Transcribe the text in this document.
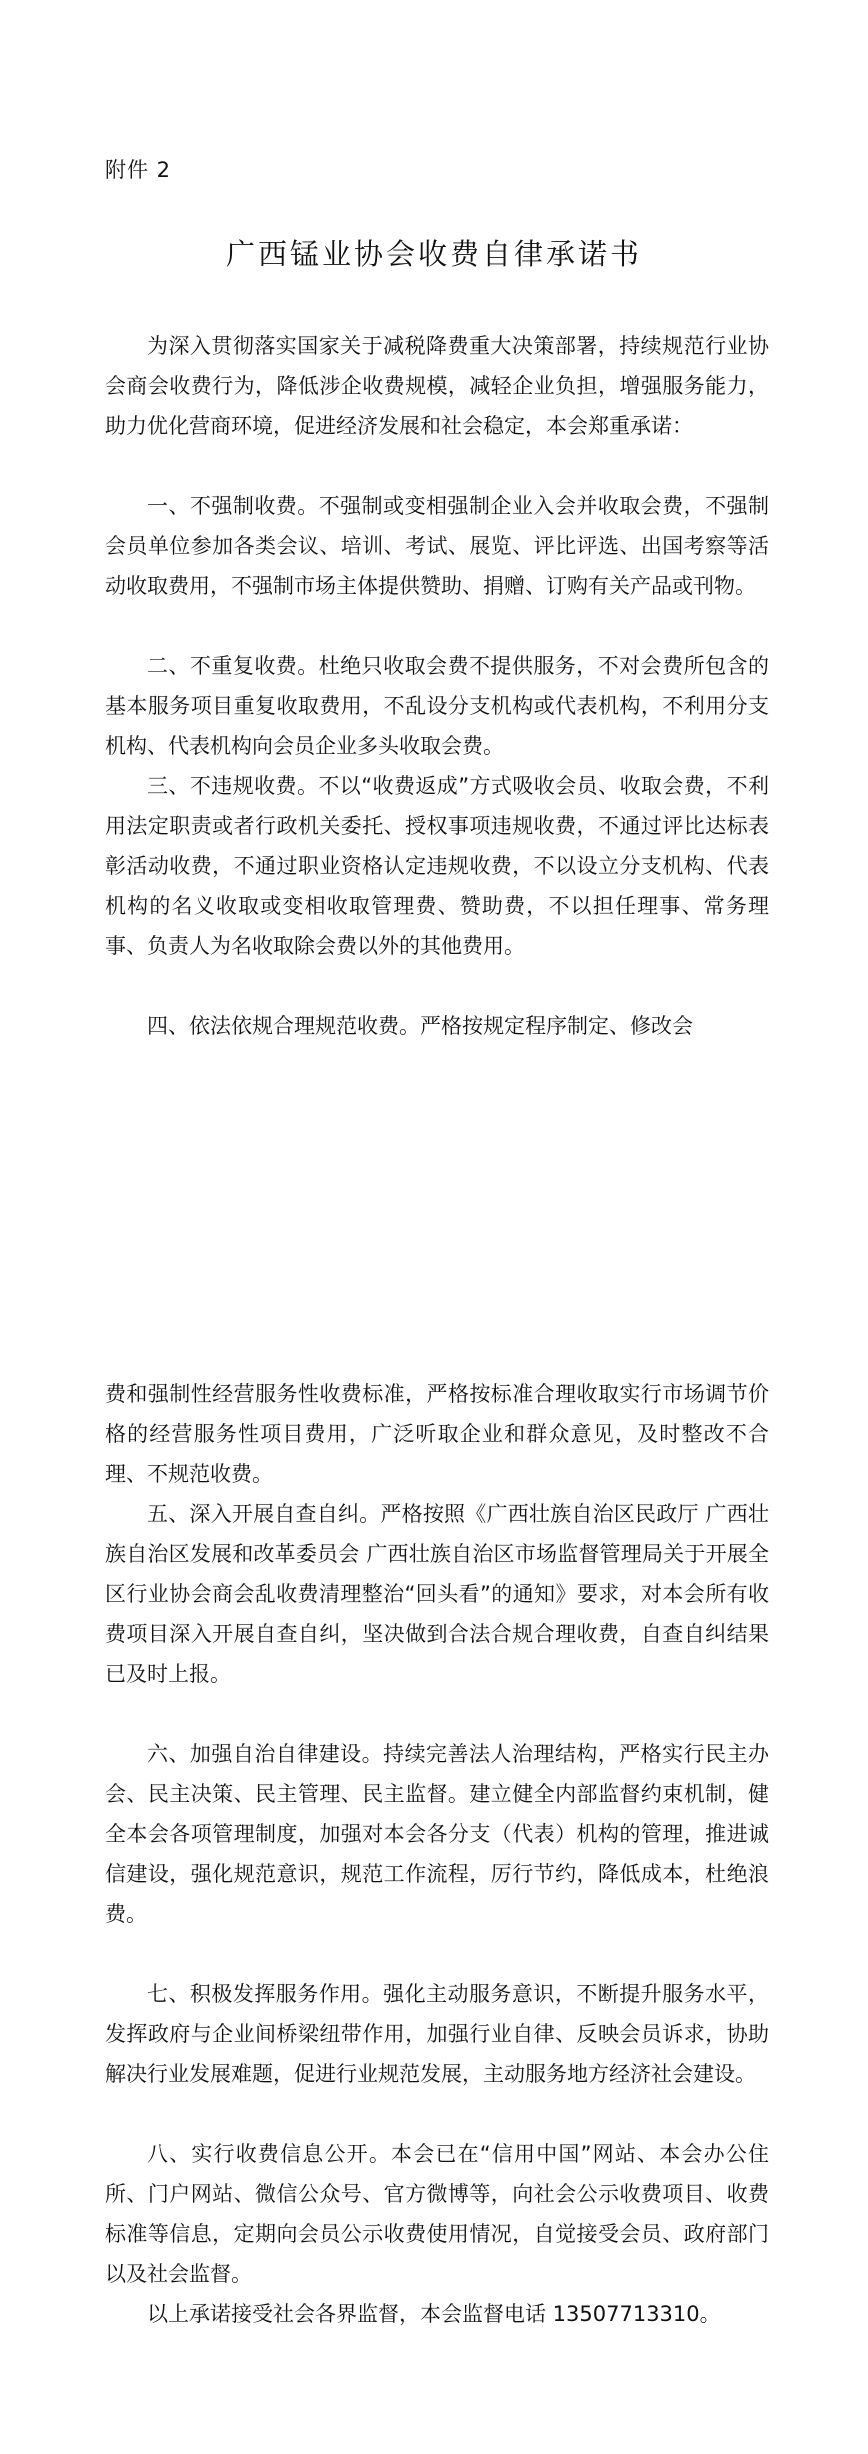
附件 2
广西锰业协会收费自律承诺书

为深入贯彻落实国家关于减税降费重大决策部署，持续规范行业协会商会收费行为，降低涉企收费规模，减轻企业负担，增强服务能力，助力优化营商环境，促进经济发展和社会稳定，本会郑重承诺：

一、不强制收费。不强制或变相强制企业入会并收取会费，不强制会员单位参加各类会议、培训、考试、展览、评比评选、出国考察等活动收取费用，不强制市场主体提供赞助、捐赠、订购有关产品或刊物。

二、不重复收费。杜绝只收取会费不提供服务，不对会费所包含的基本服务项目重复收取费用，不乱设分支机构或代表机构，不利用分支机构、代表机构向会员企业多头收取会费。

三、不违规收费。不以“收费返成”方式吸收会员、收取会费，不利用法定职责或者行政机关委托、授权事项违规收费，不通过评比达标表彰活动收费，不通过职业资格认定违规收费，不以设立分支机构、代表机构的名义收取或变相收取管理费、赞助费，不以担任理事、常务理事、负责人为名收取除会费以外的其他费用。

四、依法依规合理规范收费。严格按规定程序制定、修改会

费和强制性经营服务性收费标准，严格按标准合理收取实行市场调节价格的经营服务性项目费用，广泛听取企业和群众意见，及时整改不合理、不规范收费。

五、深入开展自查自纠。严格按照《广西壮族自治区民政厅 广西壮族自治区发展和改革委员会 广西壮族自治区市场监督管理局关于开展全区行业协会商会乱收费清理整治“回头看”的通知》要求，对本会所有收费项目深入开展自查自纠，坚决做到合法合规合理收费，自查自纠结果已及时上报。

六、加强自治自律建设。持续完善法人治理结构，严格实行民主办会、民主决策、民主管理、民主监督。建立健全内部监督约束机制，健全本会各项管理制度，加强对本会各分支（代表）机构的管理，推进诚信建设，强化规范意识，规范工作流程，厉行节约，降低成本，杜绝浪费。

七、积极发挥服务作用。强化主动服务意识，不断提升服务水平，发挥政府与企业间桥梁纽带作用，加强行业自律、反映会员诉求，协助解决行业发展难题，促进行业规范发展，主动服务地方经济社会建设。

八、实行收费信息公开。本会已在“信用中国”网站、本会办公住所、门户网站、微信公众号、官方微博等，向社会公示收费项目、收费标准等信息，定期向会员公示收费使用情况，自觉接受会员、政府部门以及社会监督。

以上承诺接受社会各界监督，本会监督电话 13507713310。
